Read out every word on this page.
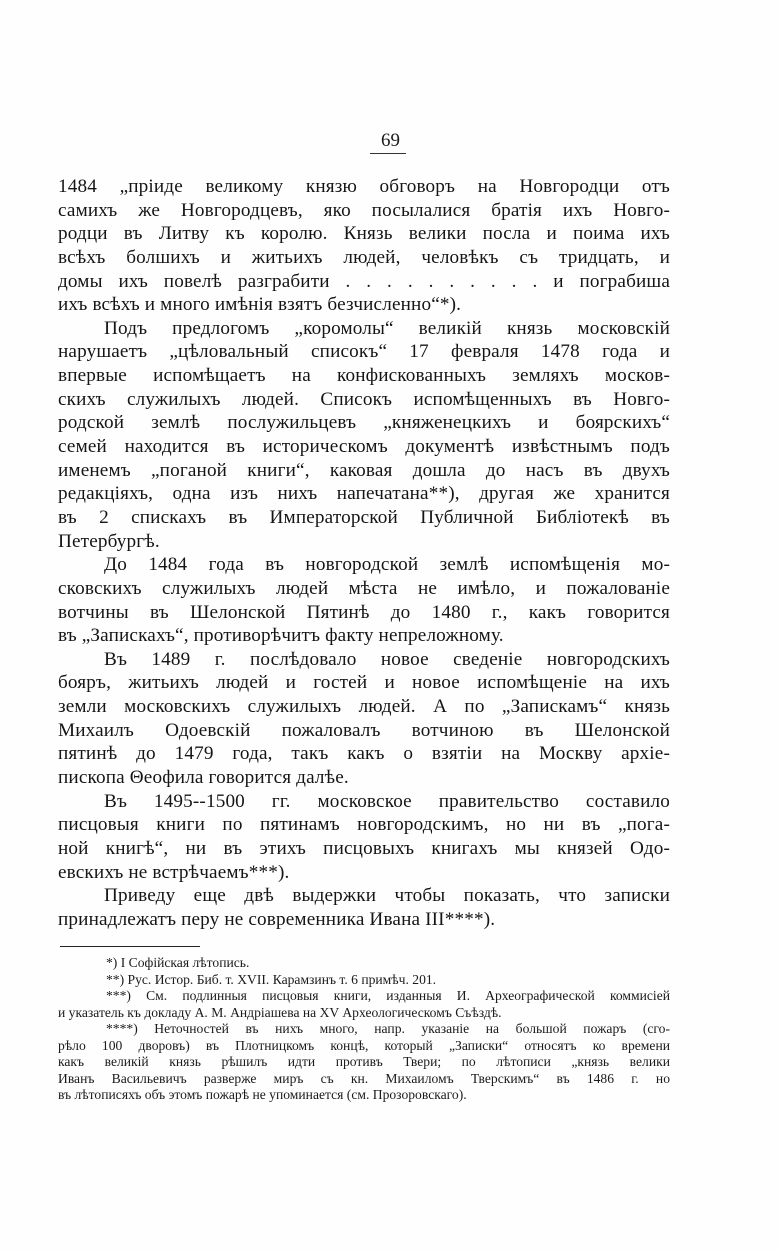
69
1484 „прiиде великому князю обговоръ на Новгородци отъ
самихъ же Новгородцевъ, яко посылалися братiя ихъ Новго-
родци въ Литву къ королю. Князь велики посла и поима ихъ
всѣхъ болшихъ и житьихъ людей, человѣкъ съ тридцать, и
домы ихъ повелѣ разграбити . . . . . . . . . . и пограбиша
ихъ всѣхъ и много имѣнiя взятъ безчисленно“*).
Подъ предлогомъ „коромолы“ великiй князь московскiй
нарушаетъ „цѣловальный списокъ“ 17 февраля 1478 года и
впервые испомѣщаетъ на конфискованныхъ земляхъ москов-
скихъ служилыхъ людей. Списокъ испомѣщенныхъ въ Новго-
родской землѣ послужильцевъ „княженецкихъ и боярскихъ“
семей находится въ историческомъ документѣ извѣстнымъ подъ
именемъ „поганой книги“, каковая дошла до насъ въ двухъ
редакцiяхъ, одна изъ нихъ напечатана**), другая же хранится
въ 2 спискахъ въ Императорской Публичной Библiотекѣ въ
Петербургѣ.
До 1484 года въ новгородской землѣ испомѣщенiя мо-
сковскихъ служилыхъ людей мѣста не имѣло, и пожалованiе
вотчины въ Шелонской Пятинѣ до 1480 г., какъ говорится
въ „Запискахъ“, противорѣчитъ факту непреложному.
Въ 1489 г. послѣдовало новое сведенiе новгородскихъ
бояръ, житьихъ людей и гостей и новое испомѣщенiе на ихъ
земли московскихъ служилыхъ людей. А по „Запискамъ“ князь
Михаилъ Одоевскiй пожаловалъ вотчиною въ Шелонской
пятинѣ до 1479 года, такъ какъ о взятiи на Москву архiе-
пископа Θеофила говорится далѣе.
Въ 1495--1500 гг. московское правительство составило
писцовыя книги по пятинамъ новгородскимъ, но ни въ „пога-
ной книгѣ“, ни въ этихъ писцовыхъ книгахъ мы князей Одо-
евскихъ не встрѣчаемъ***).
Приведу еще двѣ выдержки чтобы показать, что записки
принадлежатъ перу не современника Ивана III****).
*) I Софiйская лѣтопись.
**) Рус. Истор. Биб. т. XVII. Карамзинъ т. 6 примѣч. 201.
***) См. подлинныя писцовыя книги, изданныя И. Археографической коммисiей
и указатель къ докладу А. М. Андрiашева на XV Археологическомъ Съѣздѣ.
****) Неточностей въ нихъ много, напр. указанiе на большой пожаръ (сго-
рѣло 100 дворовъ) въ Плотницкомъ концѣ, который „Записки“ относятъ ко времени
какъ великiй князь рѣшилъ идти противъ Твери; по лѣтописи „князь велики
Иванъ Васильевичъ разверже миръ съ кн. Михаиломъ Тверскимъ“ въ 1486 г. но
въ лѣтописяхъ объ этомъ пожарѣ не упоминается (см. Прозоровскаго).
